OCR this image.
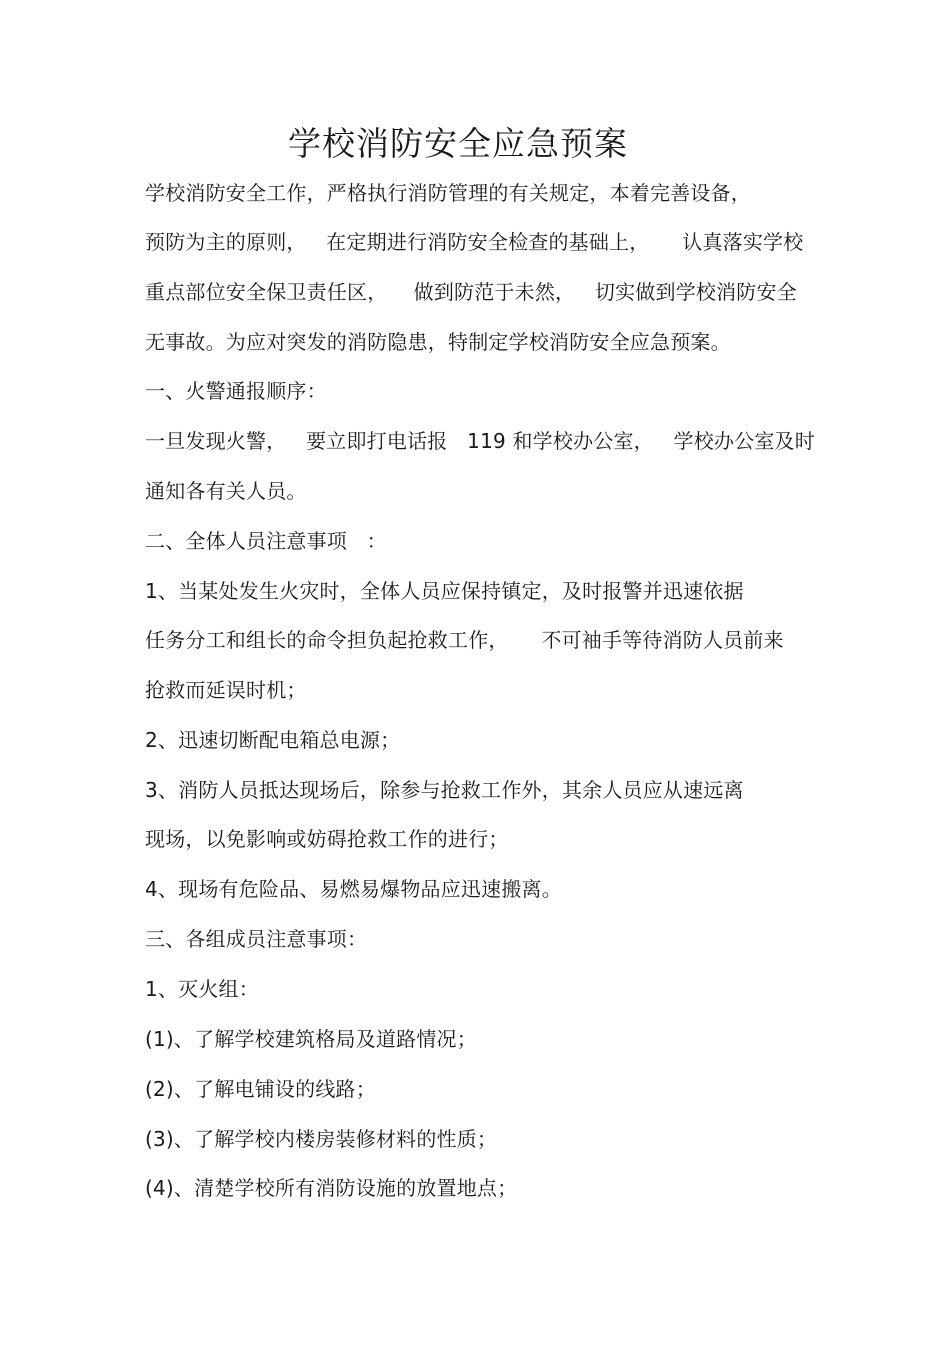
学校消防安全应急预案
学校消防安全工作，严格执行消防管理的有关规定，本着完善设备，
预防为主的原则，   在定期进行消防安全检查的基础上，     认真落实学校
重点部位安全保卫责任区，    做到防范于未然，   切实做到学校消防安全
无事故。为应对突发的消防隐患，特制定学校消防安全应急预案。
一、火警通报顺序：
一旦发现火警，   要立即打电话报   119 和学校办公室，   学校办公室及时
通知各有关人员。
二、全体人员注意事项   ：
1、当某处发生火灾时，全体人员应保持镇定，及时报警并迅速依据
任务分工和组长的命令担负起抢救工作，     不可袖手等待消防人员前来
抢救而延误时机；
2、迅速切断配电箱总电源；
3、消防人员抵达现场后，除参与抢救工作外，其余人员应从速远离
现场，以免影响或妨碍抢救工作的进行；
4、现场有危险品、易燃易爆物品应迅速搬离。
三、各组成员注意事项：
1、灭火组：
(1)、了解学校建筑格局及道路情况；
(2)、了解电铺设的线路；
(3)、了解学校内楼房装修材料的性质；
(4)、清楚学校所有消防设施的放置地点；
